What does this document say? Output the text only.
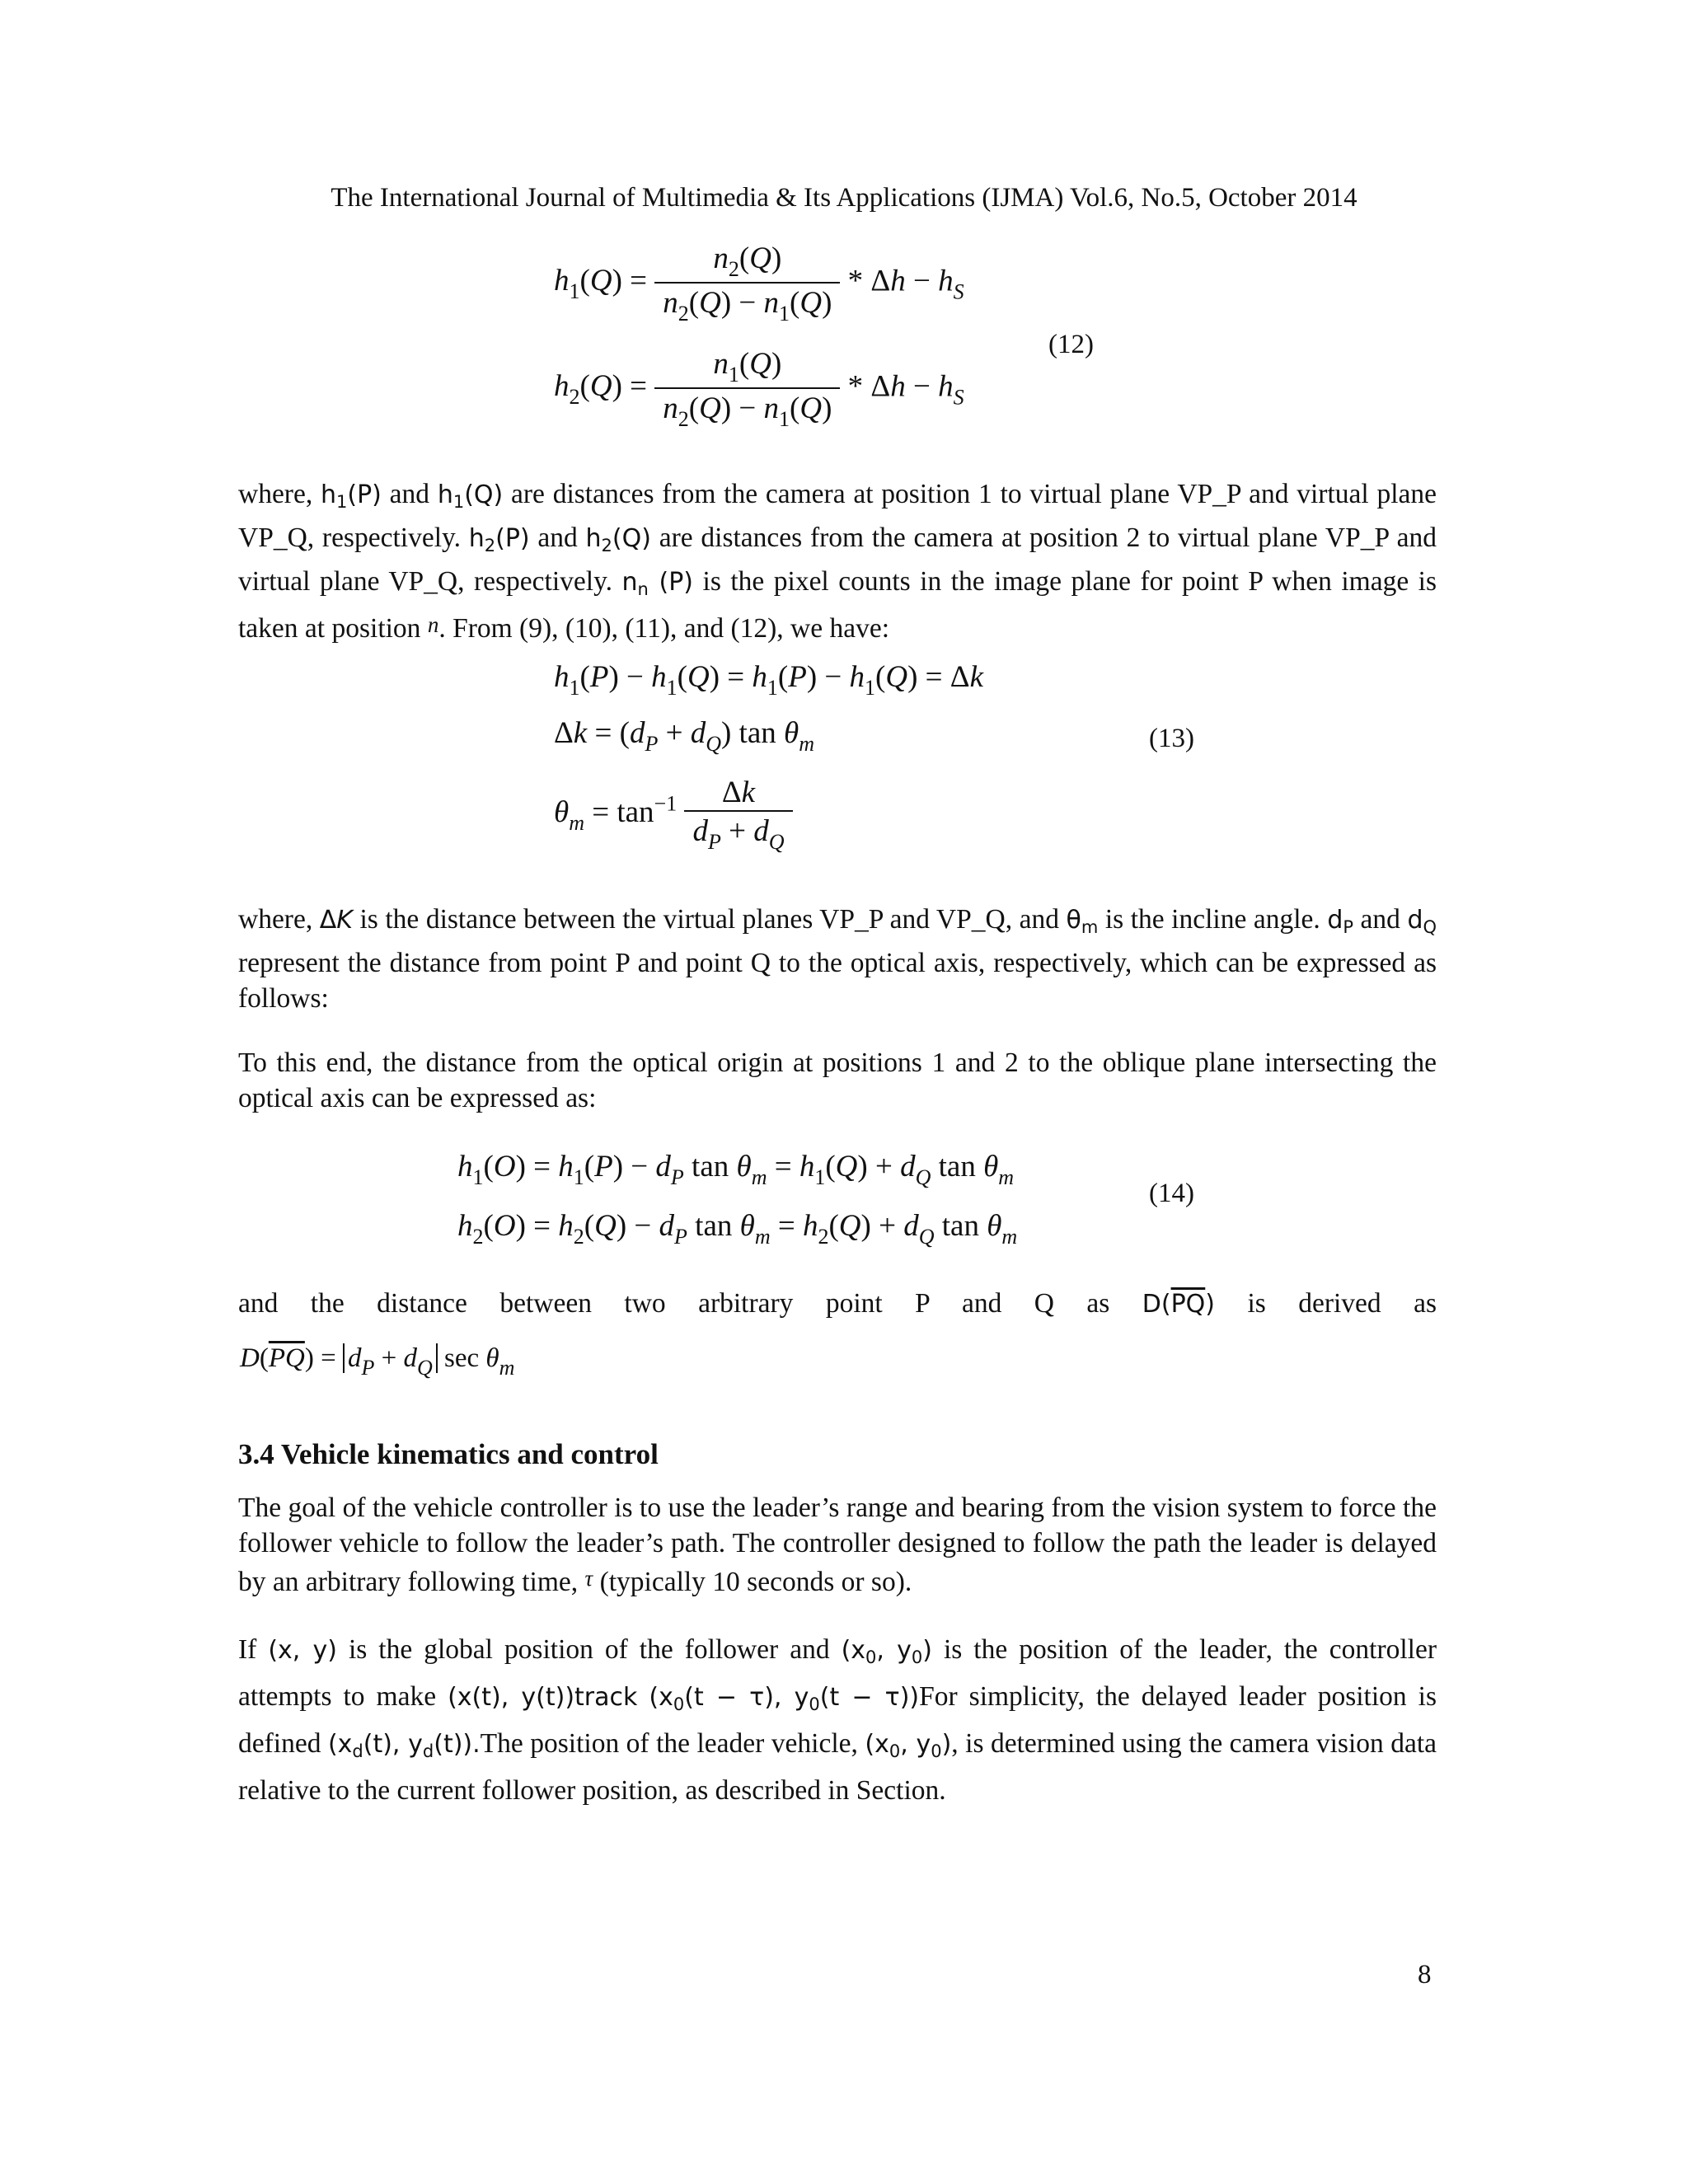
The International Journal of Multimedia & Its Applications (IJMA) Vol.6, No.5, October 2014
$h_1(Q) = \frac{n_2(Q)}{n_2(Q) - n_1(Q)} * \Delta h - h_S$
$h_2(Q) = \frac{n_1(Q)}{n_2(Q) - n_1(Q)} * \Delta h - h_S$
(12)
where, $h_1(P)$ and $h_1(Q)$ are distances from the camera at position 1 to virtual plane VP_P and virtual plane VP_Q, respectively. $h_2(P)$ and $h_2(Q)$ are distances from the camera at position 2 to virtual plane VP_P and virtual plane VP_Q, respectively. $n_n$ (P) is the pixel counts in the image plane for point P when image is taken at position n. From (9), (10), (11), and (12), we have:
$h_1(P) - h_1(Q) = h_1(P) - h_1(Q) = \Delta k$
$\Delta k = (d_P + d_Q)$ $\tan \theta_m$
$\theta_m = \tan^{-1} \frac{\Delta k}{d_P + d_Q}$
(13)
where, ΔK is the distance between the virtual planes VP_P and VP_Q, and $\theta_m$ is the incline angle. $d_P$ and $d_Q$ represent the distance from point P and point Q to the optical axis, respectively, which can be expressed as follows:
To this end, the distance from the optical origin at positions 1 and 2 to the oblique plane intersecting the optical axis can be expressed as:
$h_1(O) = h_1(P) - d_P$ $\tan \theta_m = h_1(Q) + d_Q$ $\tan \theta_m$
$h_2(O) = h_2(Q) - d_P$ $\tan \theta_m = h_2(Q) + d_Q$ $\tan \theta_m$
(14)
and the distance between two arbitrary point P and Q as $D(\overline{PQ})$ is derived as
$D(\overline{PQ}) = d_P + d_Q$ $\sec \theta_m$
3.4 Vehicle kinematics and control
The goal of the vehicle controller is to use the leader’s range and bearing from the vision system to force the follower vehicle to follow the leader’s path. The controller designed to follow the path the leader is delayed by an arbitrary following time, τ (typically 10 seconds or so).
If (x, y) is the global position of the follower and ($x_0$, $y_0$) is the position of the leader, the controller attempts to make (x(t), y(t))track ($x_0(t - \tau)$, $y_0(t - \tau))For$ simplicity, the delayed leader position is defined ($x_d(t)$, $y_d(t)).The$ position of the leader vehicle, ($x_0$, $y_0$), is determined using the camera vision data relative to the current follower position, as described in Section.
8
